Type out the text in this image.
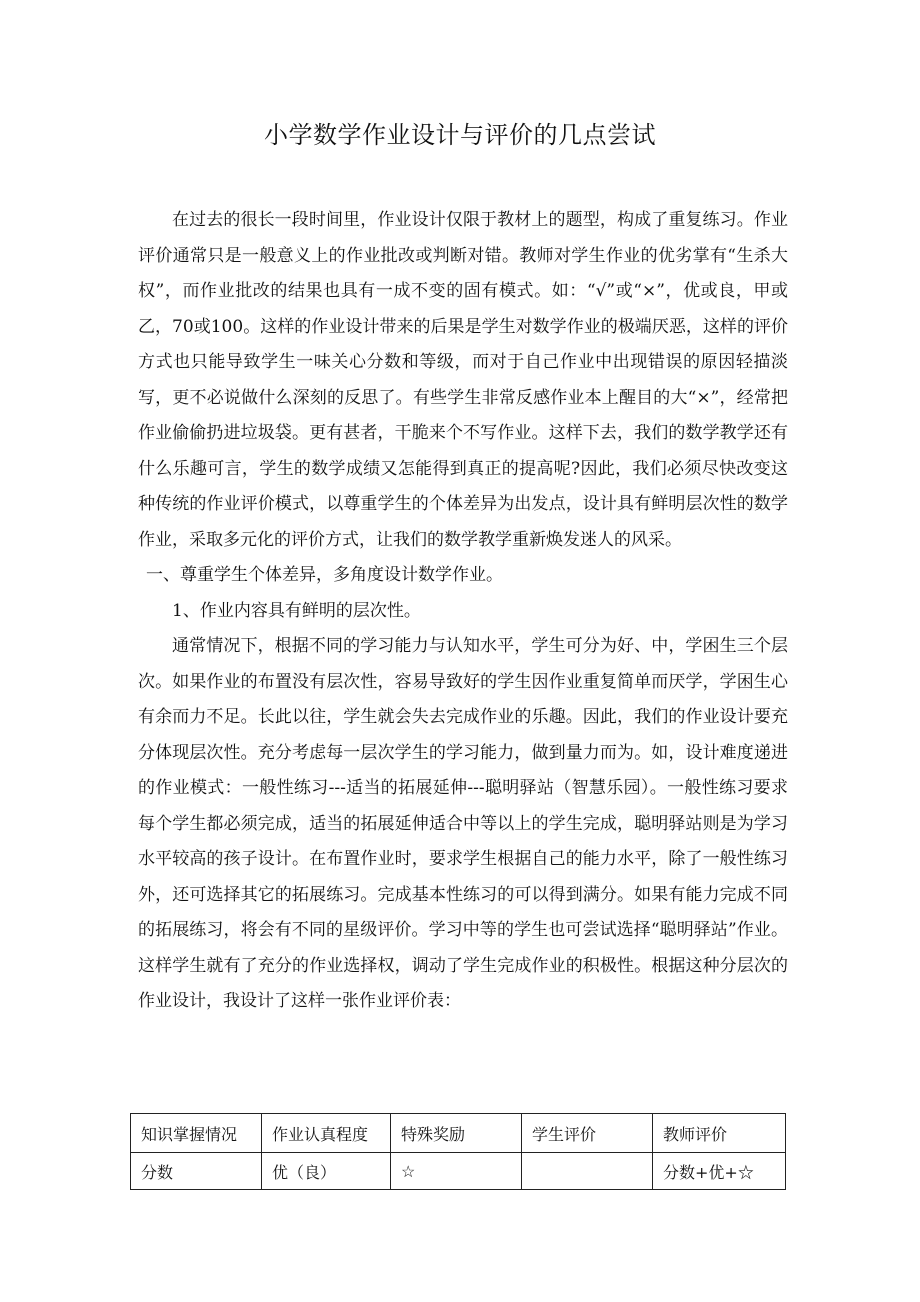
小学数学作业设计与评价的几点尝试

在过去的很长一段时间里，作业设计仅限于教材上的题型，构成了重复练习。作业评价通常只是一般意义上的作业批改或判断对错。教师对学生作业的优劣掌有“生杀大权”，而作业批改的结果也具有一成不变的固有模式。如：“√”或“×”，优或良，甲或乙，70或100。这样的作业设计带来的后果是学生对数学作业的极端厌恶，这样的评价方式也只能导致学生一味关心分数和等级，而对于自己作业中出现错误的原因轻描淡写，更不必说做什么深刻的反思了。有些学生非常反感作业本上醒目的大“×”，经常把作业偷偷扔进垃圾袋。更有甚者，干脆来个不写作业。这样下去，我们的数学教学还有什么乐趣可言，学生的数学成绩又怎能得到真正的提高呢?因此，我们必须尽快改变这种传统的作业评价模式，以尊重学生的个体差异为出发点，设计具有鲜明层次性的数学作业，采取多元化的评价方式，让我们的数学教学重新焕发迷人的风采。

一、尊重学生个体差异，多角度设计数学作业。

1、作业内容具有鲜明的层次性。

通常情况下，根据不同的学习能力与认知水平，学生可分为好、中，学困生三个层次。如果作业的布置没有层次性，容易导致好的学生因作业重复简单而厌学，学困生心有余而力不足。长此以往，学生就会失去完成作业的乐趣。因此，我们的作业设计要充分体现层次性。充分考虑每一层次学生的学习能力，做到量力而为。如，设计难度递进的作业模式：一般性练习---适当的拓展延伸---聪明驿站（智慧乐园）。一般性练习要求每个学生都必须完成，适当的拓展延伸适合中等以上的学生完成，聪明驿站则是为学习水平较高的孩子设计。在布置作业时，要求学生根据自己的能力水平，除了一般性练习外，还可选择其它的拓展练习。完成基本性练习的可以得到满分。如果有能力完成不同的拓展练习，将会有不同的星级评价。学习中等的学生也可尝试选择“聪明驿站”作业。这样学生就有了充分的作业选择权，调动了学生完成作业的积极性。根据这种分层次的作业设计，我设计了这样一张作业评价表：

知识掌握情况	作业认真程度	特殊奖励	学生评价	教师评价
分数	优（良）	☆		分数+优+☆
